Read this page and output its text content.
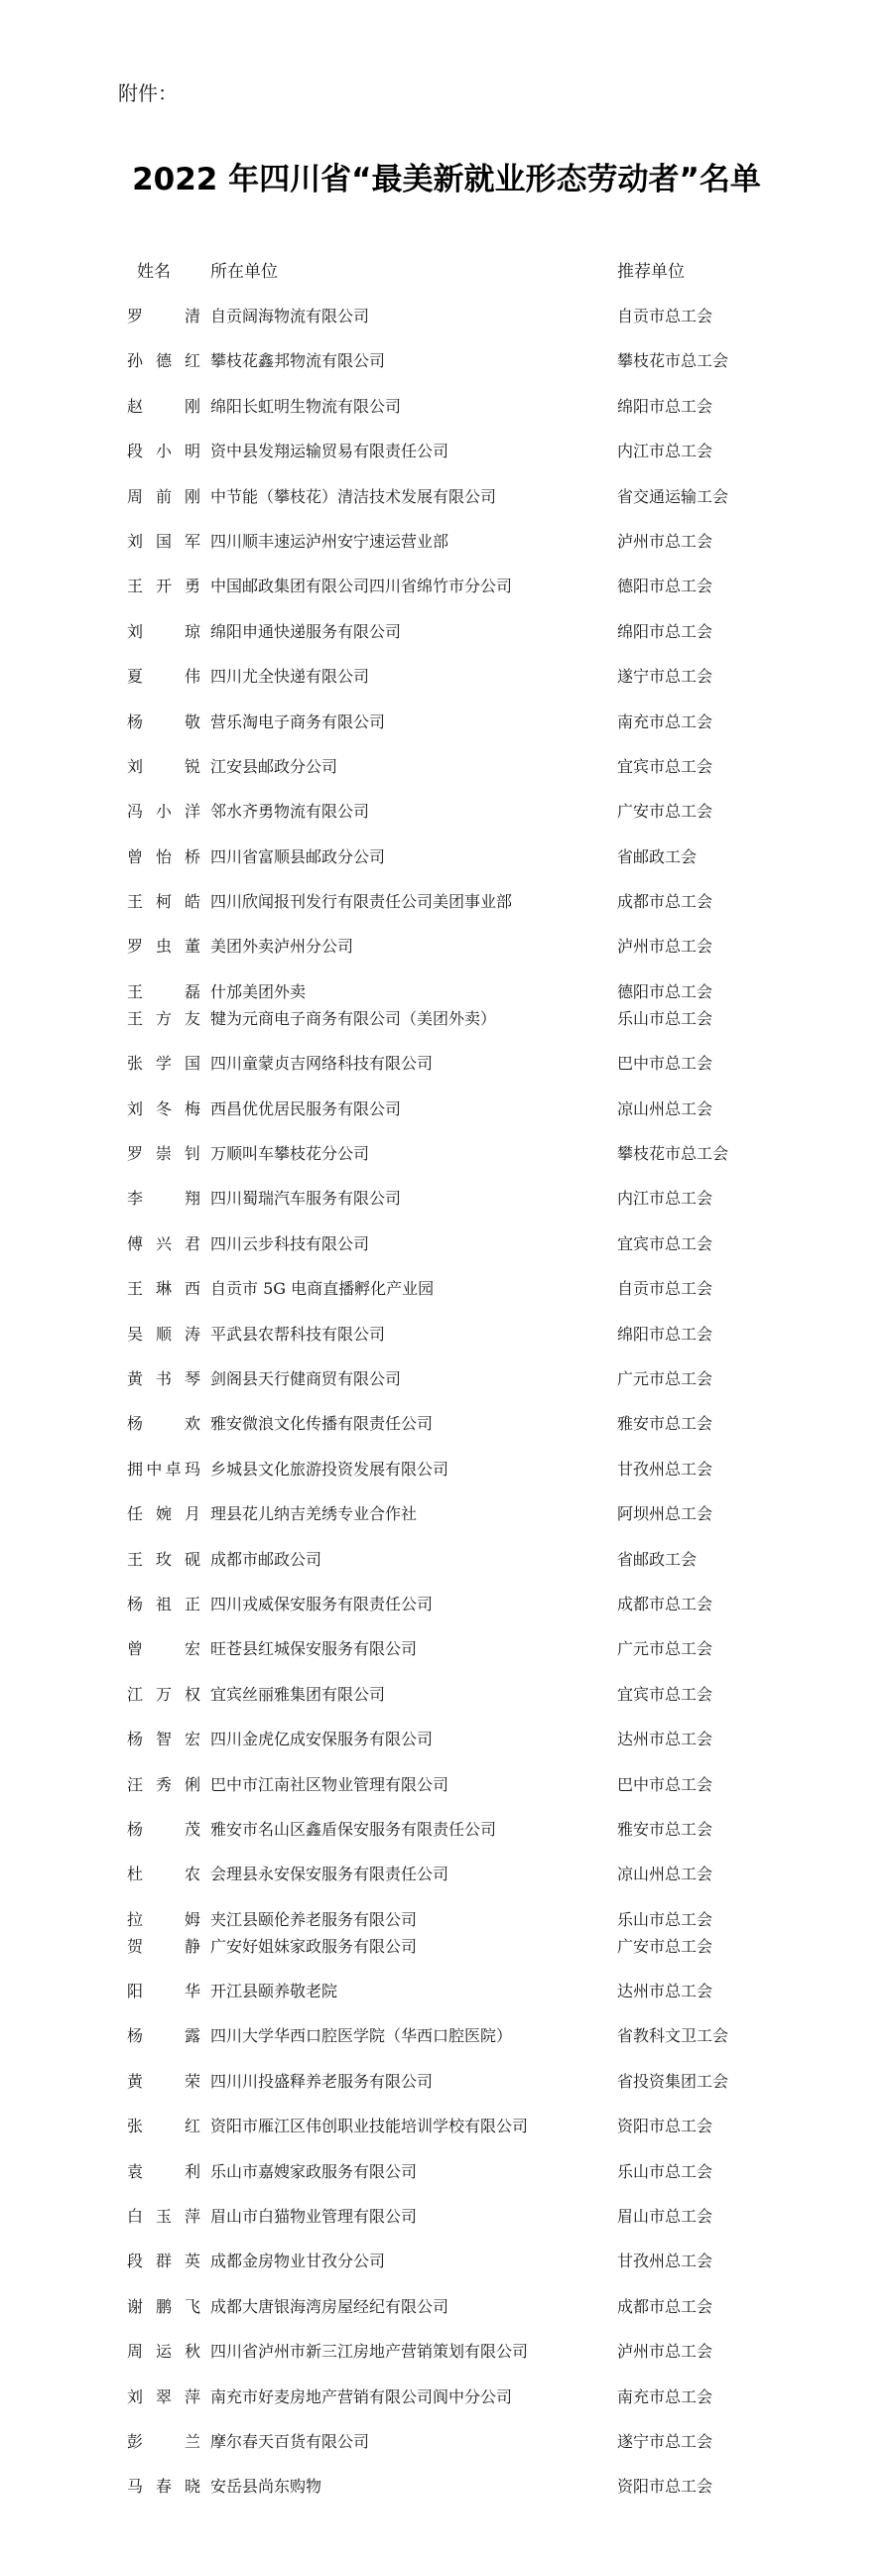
附件：
2022 年四川省“最美新就业形态劳动者”名单
姓名 所在单位	推荐单位
罗　清 自贡阔海物流有限公司	自贡市总工会
孙德红 攀枝花鑫邦物流有限公司	攀枝花市总工会
赵　刚 绵阳长虹明生物流有限公司	绵阳市总工会
段小明 资中县发翔运输贸易有限责任公司	内江市总工会
周前刚 中节能（攀枝花）清洁技术发展有限公司	省交通运输工会
刘国军 四川顺丰速运泸州安宁速运营业部	泸州市总工会
王开勇 中国邮政集团有限公司四川省绵竹市分公司	德阳市总工会
刘　琼 绵阳申通快递服务有限公司	绵阳市总工会
夏　伟 四川尤全快递有限公司	遂宁市总工会
杨　敬 营乐淘电子商务有限公司	南充市总工会
刘　锐 江安县邮政分公司	宜宾市总工会
冯小洋 邻水齐勇物流有限公司	广安市总工会
曾怡桥 四川省富顺县邮政分公司	省邮政工会
王柯皓 四川欣闻报刊发行有限责任公司美团事业部	成都市总工会
罗虫董 美团外卖泸州分公司	泸州市总工会
王　磊 什邡美团外卖	德阳市总工会
王方友 犍为元商电子商务有限公司（美团外卖）	乐山市总工会
张学国 四川童蒙贞吉网络科技有限公司	巴中市总工会
刘冬梅 西昌优优居民服务有限公司	凉山州总工会
罗崇钊 万顺叫车攀枝花分公司	攀枝花市总工会
李　翔 四川蜀瑞汽车服务有限公司	内江市总工会
傅兴君 四川云步科技有限公司	宜宾市总工会
王琳西 自贡市 5G 电商直播孵化产业园	自贡市总工会
吴顺涛 平武县农帮科技有限公司	绵阳市总工会
黄书琴 剑阁县天行健商贸有限公司	广元市总工会
杨　欢 雅安微浪文化传播有限责任公司	雅安市总工会
拥中卓玛 乡城县文化旅游投资发展有限公司	甘孜州总工会
任婉月 理县花儿纳吉羌绣专业合作社	阿坝州总工会
王玫砚 成都市邮政公司	省邮政工会
杨祖正 四川戎威保安服务有限责任公司	成都市总工会
曾　宏 旺苍县红城保安服务有限公司	广元市总工会
江万权 宜宾丝丽雅集团有限公司	宜宾市总工会
杨智宏 四川金虎亿成安保服务有限公司	达州市总工会
汪秀俐 巴中市江南社区物业管理有限公司	巴中市总工会
杨　茂 雅安市名山区鑫盾保安服务有限责任公司	雅安市总工会
杜　农 会理县永安保安服务有限责任公司	凉山州总工会
拉　姆 夹江县颐伦养老服务有限公司	乐山市总工会
贺　静 广安好姐妹家政服务有限公司	广安市总工会
阳　华 开江县颐养敬老院	达州市总工会
杨　露 四川大学华西口腔医学院（华西口腔医院）	省教科文卫工会
黄　荣 四川川投盛释养老服务有限公司	省投资集团工会
张　红 资阳市雁江区伟创职业技能培训学校有限公司	资阳市总工会
袁　利 乐山市嘉嫂家政服务有限公司	乐山市总工会
白玉萍 眉山市白猫物业管理有限公司	眉山市总工会
段群英 成都金房物业甘孜分公司	甘孜州总工会
谢鹏飞 成都大唐银海湾房屋经纪有限公司	成都市总工会
周运秋 四川省泸州市新三江房地产营销策划有限公司	泸州市总工会
刘翠萍 南充市好麦房地产营销有限公司阆中分公司	南充市总工会
彭　兰 摩尔春天百货有限公司	遂宁市总工会
马春晓 安岳县尚东购物	资阳市总工会
